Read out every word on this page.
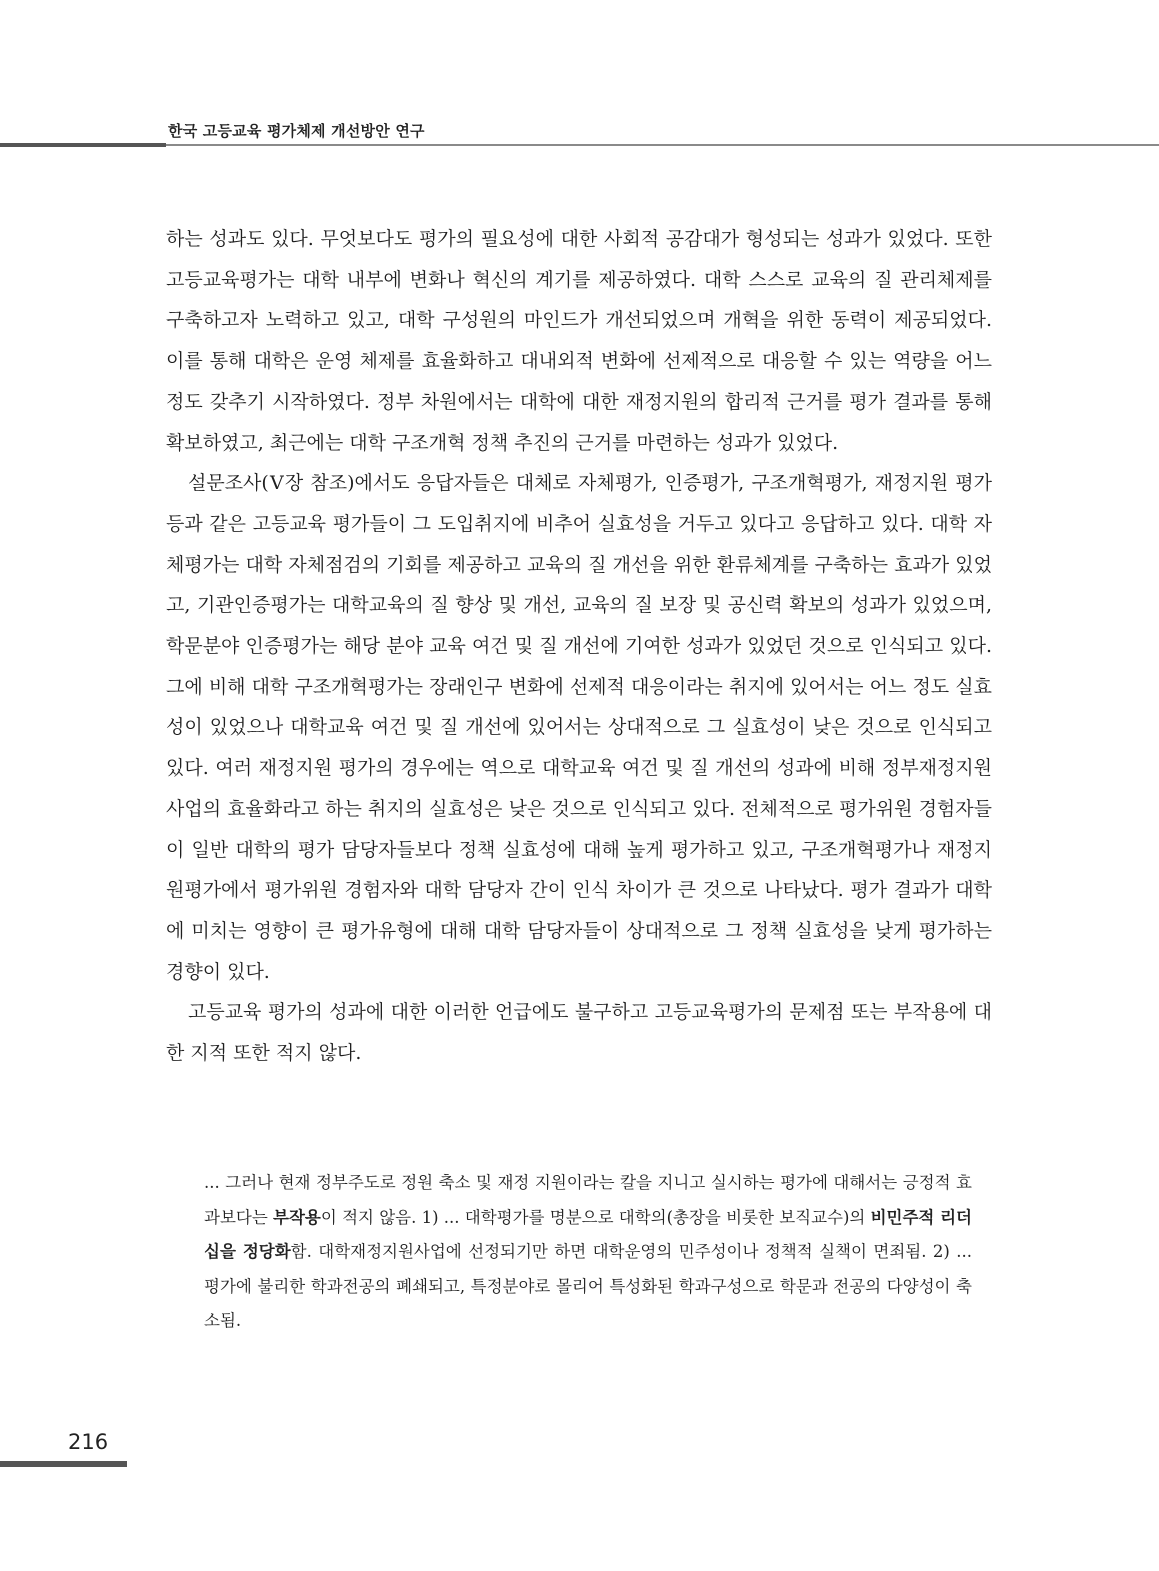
한국 고등교육 평가체제 개선방안 연구

하는 성과도 있다. 무엇보다도 평가의 필요성에 대한 사회적 공감대가 형성되는 성과가 있었다. 또한 고등교육평가는 대학 내부에 변화나 혁신의 계기를 제공하였다. 대학 스스로 교육의 질 관리체제를 구축하고자 노력하고 있고, 대학 구성원의 마인드가 개선되었으며 개혁을 위한 동력이 제공되었다. 이를 통해 대학은 운영 체제를 효율화하고 대내외적 변화에 선제적으로 대응할 수 있는 역량을 어느 정도 갖추기 시작하였다. 정부 차원에서는 대학에 대한 재정지원의 합리적 근거를 평가 결과를 통해 확보하였고, 최근에는 대학 구조개혁 정책 추진의 근거를 마련하는 성과가 있었다.

설문조사(Ⅴ장 참조)에서도 응답자들은 대체로 자체평가, 인증평가, 구조개혁평가, 재정지원 평가 등과 같은 고등교육 평가들이 그 도입취지에 비추어 실효성을 거두고 있다고 응답하고 있다. 대학 자체평가는 대학 자체점검의 기회를 제공하고 교육의 질 개선을 위한 환류체계를 구축하는 효과가 있었고, 기관인증평가는 대학교육의 질 향상 및 개선, 교육의 질 보장 및 공신력 확보의 성과가 있었으며, 학문분야 인증평가는 해당 분야 교육 여건 및 질 개선에 기여한 성과가 있었던 것으로 인식되고 있다. 그에 비해 대학 구조개혁평가는 장래인구 변화에 선제적 대응이라는 취지에 있어서는 어느 정도 실효성이 있었으나 대학교육 여건 및 질 개선에 있어서는 상대적으로 그 실효성이 낮은 것으로 인식되고 있다. 여러 재정지원 평가의 경우에는 역으로 대학교육 여건 및 질 개선의 성과에 비해 정부재정지원사업의 효율화라고 하는 취지의 실효성은 낮은 것으로 인식되고 있다. 전체적으로 평가위원 경험자들이 일반 대학의 평가 담당자들보다 정책 실효성에 대해 높게 평가하고 있고, 구조개혁평가나 재정지원평가에서 평가위원 경험자와 대학 담당자 간이 인식 차이가 큰 것으로 나타났다. 평가 결과가 대학에 미치는 영향이 큰 평가유형에 대해 대학 담당자들이 상대적으로 그 정책 실효성을 낮게 평가하는 경향이 있다.

고등교육 평가의 성과에 대한 이러한 언급에도 불구하고 고등교육평가의 문제점 또는 부작용에 대한 지적 또한 적지 않다.

... 그러나 현재 정부주도로 정원 축소 및 재정 지원이라는 칼을 지니고 실시하는 평가에 대해서는 긍정적 효과보다는 부작용이 적지 않음. 1) ... 대학평가를 명분으로 대학의(총장을 비롯한 보직교수)의 비민주적 리더십을 정당화함. 대학재정지원사업에 선정되기만 하면 대학운영의 민주성이나 정책적 실책이 면죄됨. 2) ... 평가에 불리한 학과전공의 폐쇄되고, 특정분야로 몰리어 특성화된 학과구성으로 학문과 전공의 다양성이 축소됨.
216
